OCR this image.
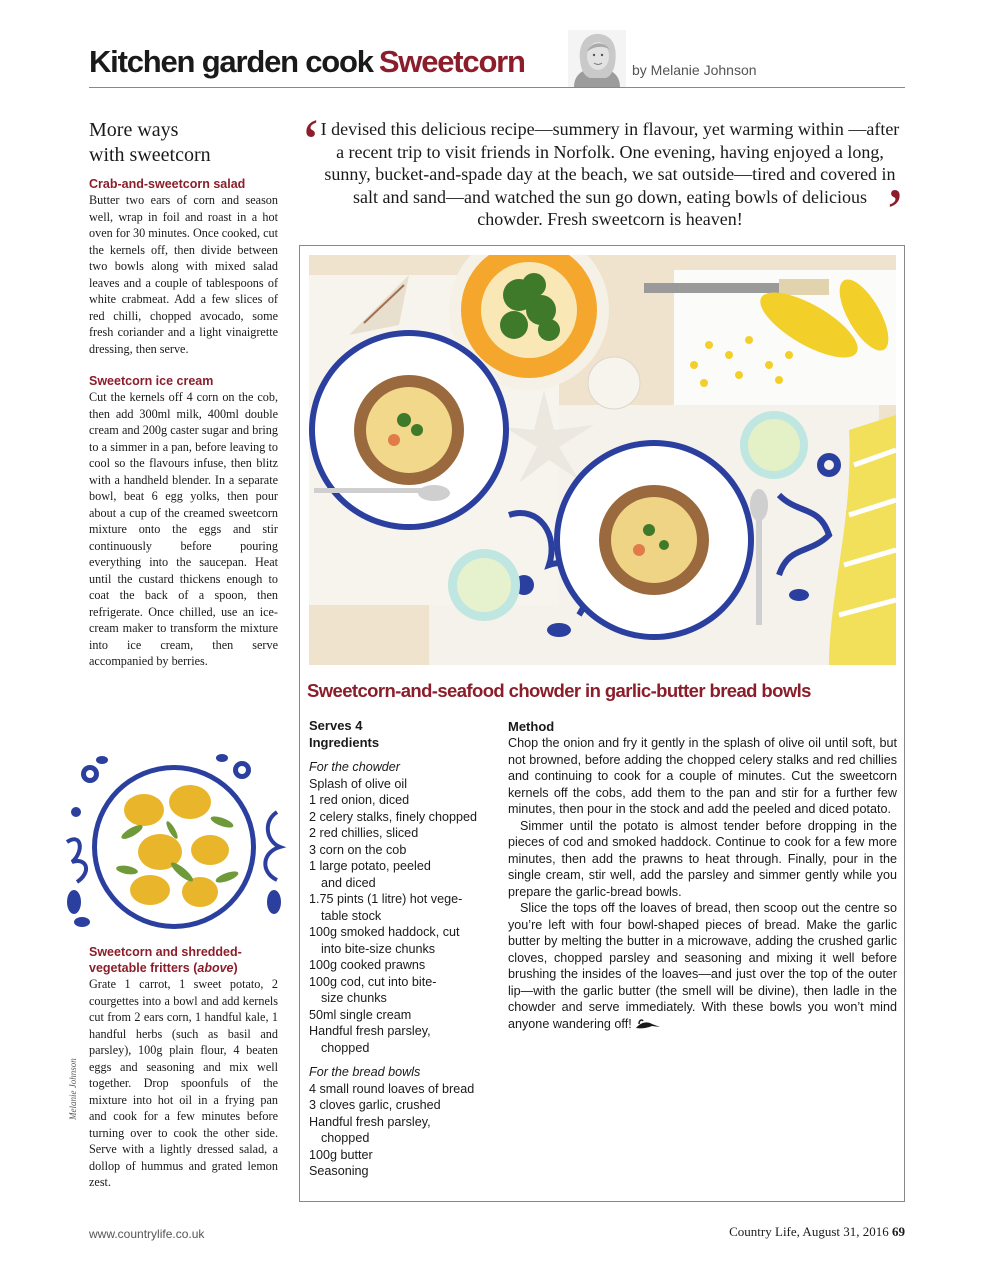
Kitchen garden cook Sweetcorn	by Melanie Johnson
More ways
with sweetcorn

Crab-and-sweetcorn salad

Butter two ears of corn and season well, wrap in foil and roast in a hot oven for 30 minutes. Once cooked, cut the kernels off, then divide between two bowls along with mixed salad leaves and a couple of tablespoons of white crabmeat. Add a few slices of red chilli, chopped avocado, some fresh coriander and a light vinaigrette dressing, then serve.

Sweetcorn ice cream

Cut the kernels off 4 corn on the cob, then add 300ml milk, 400ml double cream and 200g caster sugar and bring to a simmer in a pan, before leaving to cool so the flavours infuse, then blitz with a handheld blender. In a separate bowl, beat 6 egg yolks, then pour about a cup of the creamed sweetcorn mixture onto the eggs and stir continuously before pouring everything into the saucepan. Heat until the custard thickens enough to coat the back of a spoon, then refrigerate. Once chilled, use an ice-cream maker to transform the mixture into ice cream, then serve accompanied by berries.

Sweetcorn and shredded-
vegetable fritters (above)

Grate 1 carrot, 1 sweet potato, 2 courgettes into a bowl and add kernels cut from 2 ears corn, 1 handful kale, 1 handful herbs (such as basil and parsley), 100g plain flour, 4 beaten eggs and seasoning and mix well together. Drop spoonfuls of the mixture into hot oil in a frying pan and cook for a few minutes before turning over to cook the other side. Serve with a lightly dressed salad, a dollop of hummus and grated lemon zest.

Melanie Johnson
‘
I devised this delicious recipe—summery in flavour, yet warming within —after a recent trip to visit friends in Norfolk. One evening, having enjoyed a long, sunny, bucket-and-spade day at the beach, we sat outside—tired and covered in salt and sand—and watched the sun go down, eating bowls of delicious chowder. Fresh sweetcorn is heaven!	’
Sweetcorn-and-seafood chowder in garlic-butter bread bowls
Serves 4
Ingredients
For the chowder
Splash of olive oil
1 red onion, diced
2 celery stalks, finely chopped
2 red chillies, sliced
3 corn on the cob
1 large potato, peeled
and diced
1.75 pints (1 litre) hot vege-
table stock
100g smoked haddock, cut
into bite-size chunks
100g cooked prawns
100g cod, cut into bite-
size chunks
50ml single cream
Handful fresh parsley,
chopped
For the bread bowls
4 small round loaves of bread
3 cloves garlic, crushed
Handful fresh parsley,
chopped
100g butter
Seasoning
Method

Chop the onion and fry it gently in the splash of olive oil until soft, but not browned, before adding the chopped celery stalks and red chillies and continuing to cook for a couple of minutes. Cut the sweetcorn kernels off the cobs, add them to the pan and stir for a further few minutes, then pour in the stock and add the peeled and diced potato.

Simmer until the potato is almost tender before dropping in the pieces of cod and smoked haddock. Continue to cook for a few more minutes, then add the prawns to heat through. Finally, pour in the single cream, stir well, add the parsley and simmer gently while you prepare the garlic-bread bowls.

Slice the tops off the loaves of bread, then scoop out the centre so you’re left with four bowl-shaped pieces of bread. Make the garlic butter by melting the butter in a microwave, adding the crushed garlic cloves, chopped parsley and seasoning and mixing it well before brushing the insides of the loaves—and just over the top of the outer lip—with the garlic butter (the smell will be divine), then ladle in the chowder and serve immediately. With these bowls you won’t mind anyone wandering off!

www.countrylife.co.uk	Country Life, August 31, 2016 69
